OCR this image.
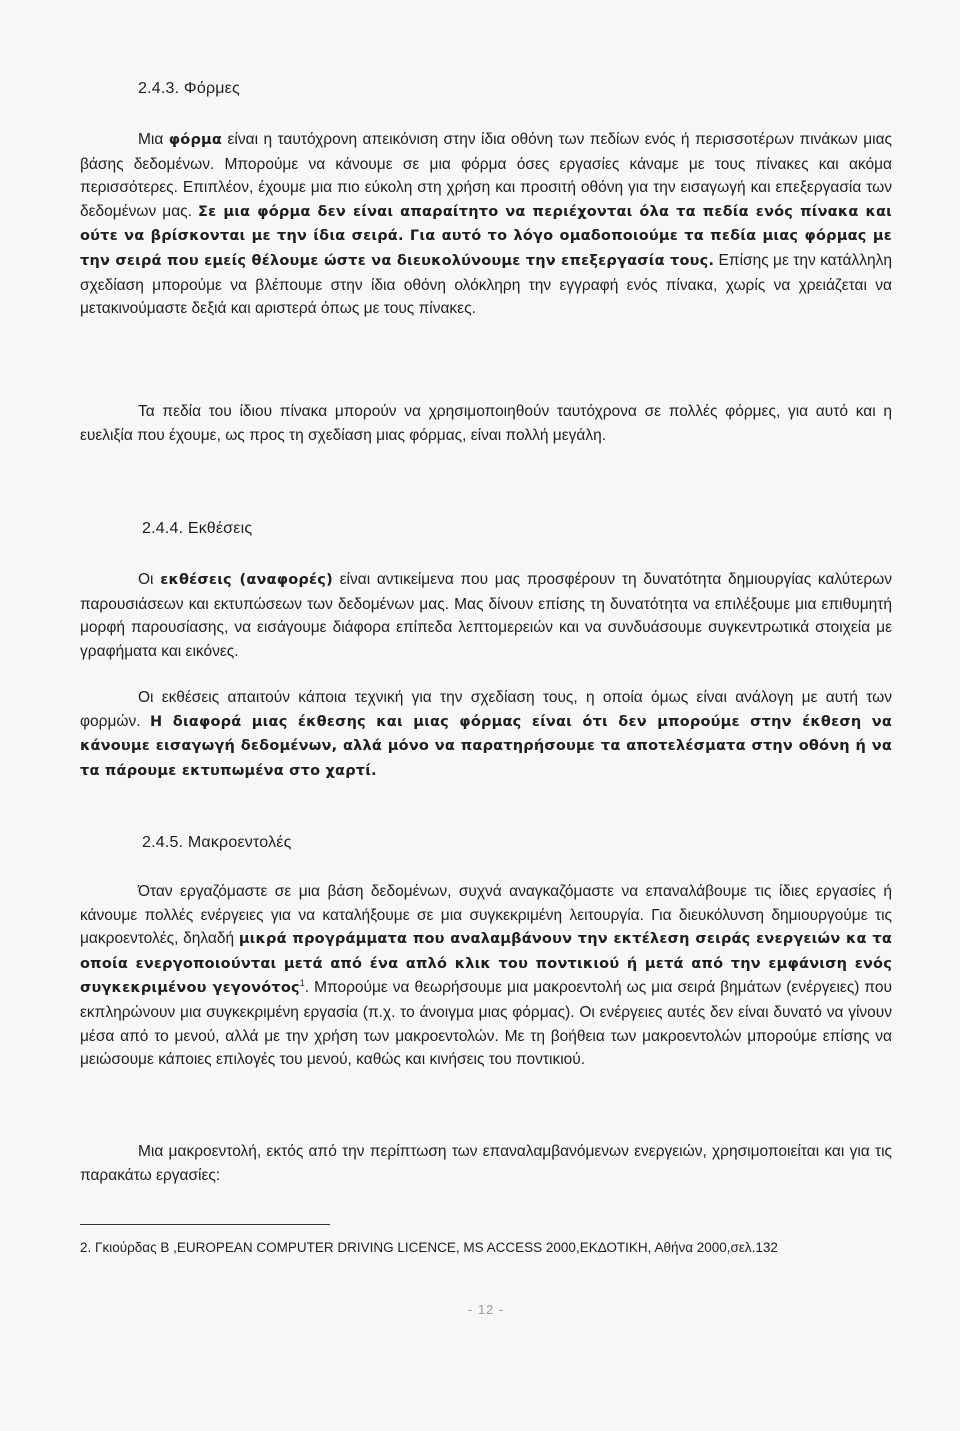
2.4.3. Φόρμες

Μια φόρμα είναι η ταυτόχρονη απεικόνιση στην ίδια οθόνη των πεδίων ενός ή περισσοτέρων πινάκων μιας βάσης δεδομένων. Μπορούμε να κάνουμε σε μια φόρμα όσες εργασίες κάναμε με τους πίνακες και ακόμα περισσότερες. Επιπλέον, έχουμε μια πιο εύκολη στη χρήση και προσιτή οθόνη για την εισαγωγή και επεξεργασία των δεδομένων μας. Σε μια φόρμα δεν είναι απαραίτητο να περιέχονται όλα τα πεδία ενός πίνακα και ούτε να βρίσκονται με την ίδια σειρά. Για αυτό το λόγο ομαδοποιούμε τα πεδία μιας φόρμας με την σειρά που εμείς θέλουμε ώστε να διευκολύνουμε την επεξεργασία τους. Επίσης με την κατάλληλη σχεδίαση μπορούμε να βλέπουμε στην ίδια οθόνη ολόκληρη την εγγραφή ενός πίνακα, χωρίς να χρειάζεται να μετακινούμαστε δεξιά και αριστερά όπως με τους πίνακες.

Τα πεδία του ίδιου πίνακα μπορούν να χρησιμοποιηθούν ταυτόχρονα σε πολλές φόρμες, για αυτό και η ευελιξία που έχουμε, ως προς τη σχεδίαση μιας φόρμας, είναι πολλή μεγάλη.

2.4.4. Εκθέσεις

Οι εκθέσεις (αναφορές) είναι αντικείμενα που μας προσφέρουν τη δυνατότητα δημιουργίας καλύτερων παρουσιάσεων και εκτυπώσεων των δεδομένων μας. Μας δίνουν επίσης τη δυνατότητα να επιλέξουμε μια επιθυμητή μορφή παρουσίασης, να εισάγουμε διάφορα επίπεδα λεπτομερειών και να συνδυάσουμε συγκεντρωτικά στοιχεία με γραφήματα και εικόνες.

Οι εκθέσεις απαιτούν κάποια τεχνική για την σχεδίαση τους, η οποία όμως είναι ανάλογη με αυτή των φορμών. Η διαφορά μιας έκθεσης και μιας φόρμας είναι ότι δεν μπορούμε στην έκθεση να κάνουμε εισαγωγή δεδομένων, αλλά μόνο να παρατηρήσουμε τα αποτελέσματα στην οθόνη ή να τα πάρουμε εκτυπωμένα στο χαρτί.

2.4.5. Μακροεντολές

Όταν εργαζόμαστε σε μια βάση δεδομένων, συχνά αναγκαζόμαστε να επαναλάβουμε τις ίδιες εργασίες ή κάνουμε πολλές ενέργειες για να καταλήξουμε σε μια συγκεκριμένη λειτουργία. Για διευκόλυνση δημιουργούμε τις μακροεντολές, δηλαδή μικρά προγράμματα που αναλαμβάνουν την εκτέλεση σειράς ενεργειών κα τα οποία ενεργοποιούνται μετά από ένα απλό κλικ του ποντικιού ή μετά από την εμφάνιση ενός συγκεκριμένου γεγονότος$^1$. Μπορούμε να θεωρήσουμε μια μακροεντολή ως μια σειρά βημάτων (ενέργειες) που εκπληρώνουν μια συγκεκριμένη εργασία (π.χ. το άνοιγμα μιας φόρμας). Οι ενέργειες αυτές δεν είναι δυνατό να γίνουν μέσα από το μενού, αλλά με την χρήση των μακροεντολών. Με τη βοήθεια των μακροεντολών μπορούμε επίσης να μειώσουμε κάποιες επιλογές του μενού, καθώς και κινήσεις του ποντικιού.

Μια μακροεντολή, εκτός από την περίπτωση των επαναλαμβανόμενων ενεργειών, χρησιμοποιείται και για τις παρακάτω εργασίες:

2. Γκιούρδας Β ,EUROPEAN COMPUTER DRIVING LICENCE, MS ACCESS 2000,ΕΚΔΟΤΙΚΗ, Αθήνα 2000,σελ.132

- 12 -
